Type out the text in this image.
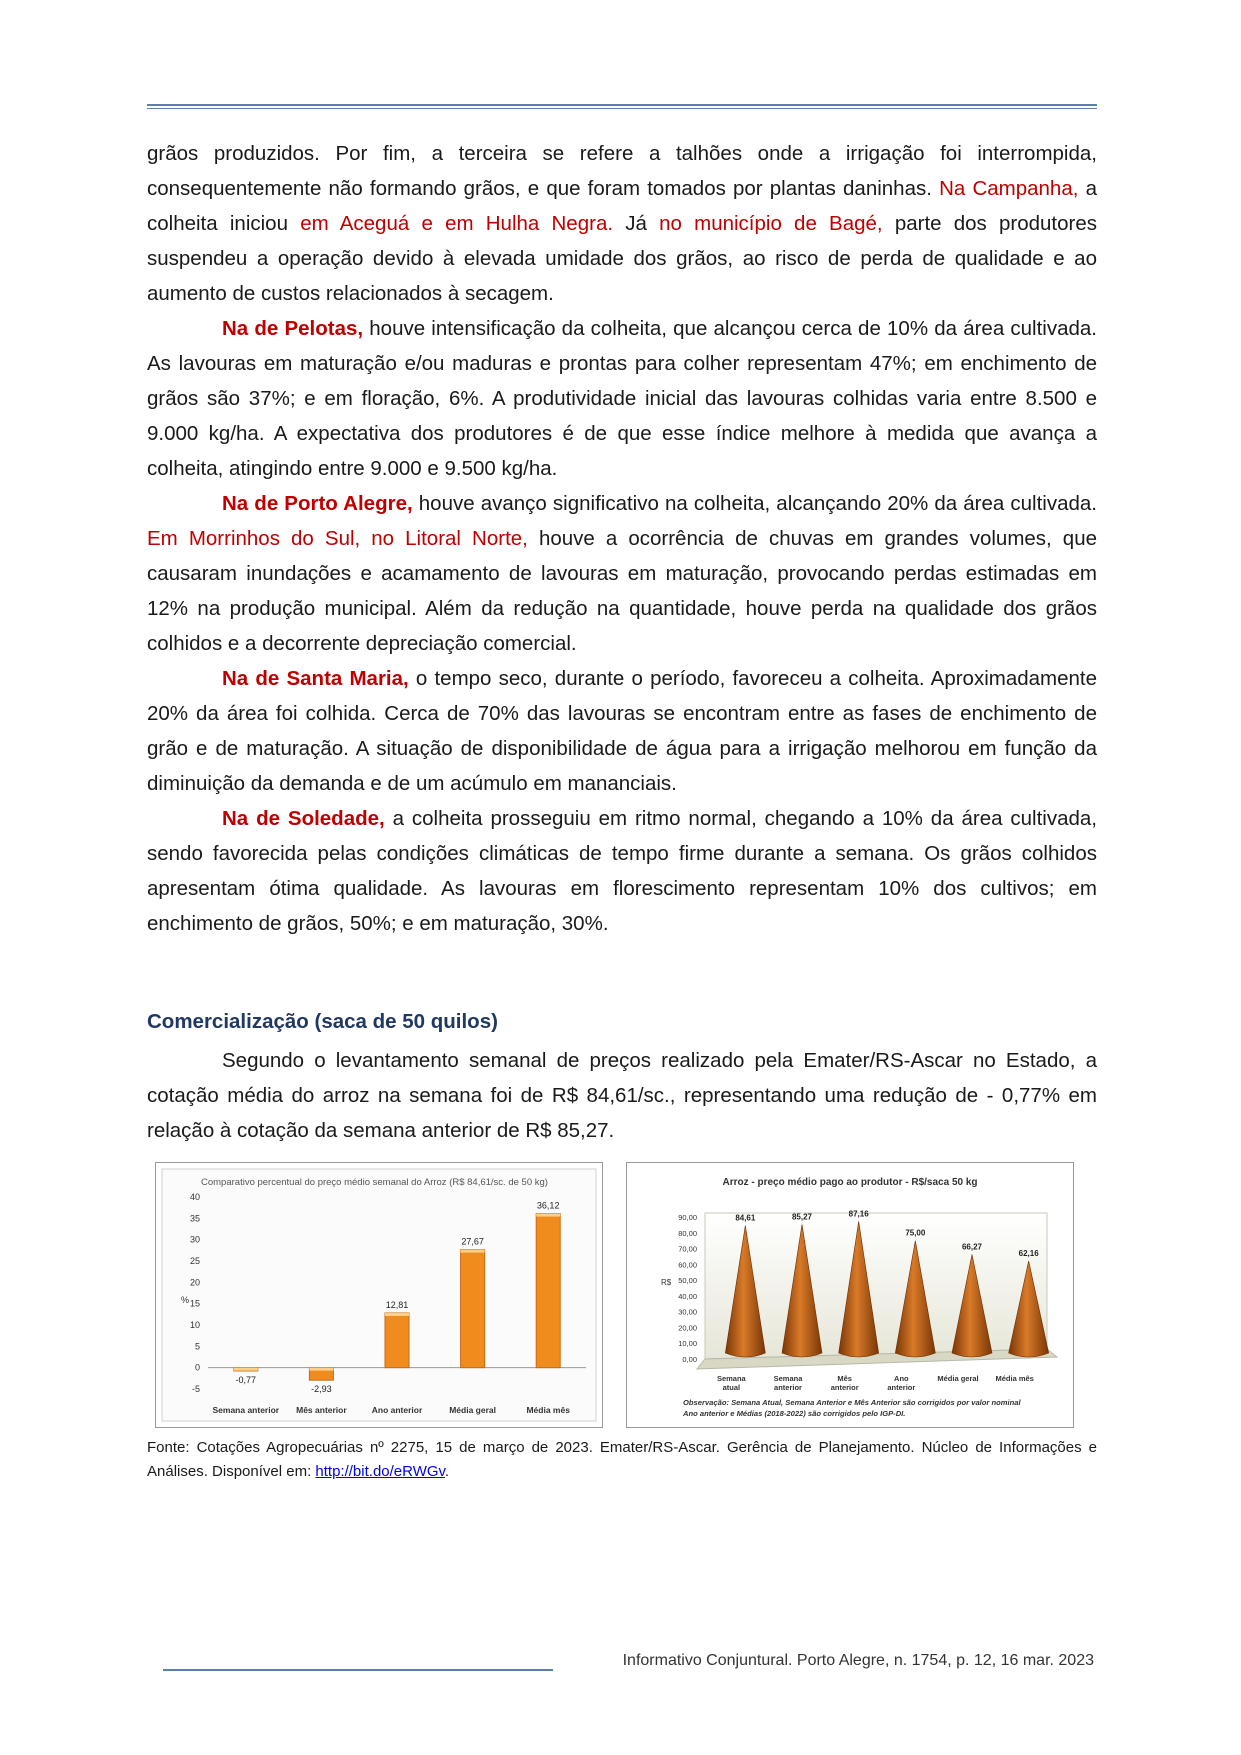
grãos produzidos. Por fim, a terceira se refere a talhões onde a irrigação foi interrompida, consequentemente não formando grãos, e que foram tomados por plantas daninhas. Na Campanha, a colheita iniciou em Aceguá e em Hulha Negra. Já no município de Bagé, parte dos produtores suspendeu a operação devido à elevada umidade dos grãos, ao risco de perda de qualidade e ao aumento de custos relacionados à secagem.

Na de Pelotas, houve intensificação da colheita, que alcançou cerca de 10% da área cultivada. As lavouras em maturação e/ou maduras e prontas para colher representam 47%; em enchimento de grãos são 37%; e em floração, 6%. A produtividade inicial das lavouras colhidas varia entre 8.500 e 9.000 kg/ha. A expectativa dos produtores é de que esse índice melhore à medida que avança a colheita, atingindo entre 9.000 e 9.500 kg/ha.

Na de Porto Alegre, houve avanço significativo na colheita, alcançando 20% da área cultivada. Em Morrinhos do Sul, no Litoral Norte, houve a ocorrência de chuvas em grandes volumes, que causaram inundações e acamamento de lavouras em maturação, provocando perdas estimadas em 12% na produção municipal. Além da redução na quantidade, houve perda na qualidade dos grãos colhidos e a decorrente depreciação comercial.

Na de Santa Maria, o tempo seco, durante o período, favoreceu a colheita. Aproximadamente 20% da área foi colhida. Cerca de 70% das lavouras se encontram entre as fases de enchimento de grão e de maturação. A situação de disponibilidade de água para a irrigação melhorou em função da diminuição da demanda e de um acúmulo em mananciais.

Na de Soledade, a colheita prosseguiu em ritmo normal, chegando a 10% da área cultivada, sendo favorecida pelas condições climáticas de tempo firme durante a semana. Os grãos colhidos apresentam ótima qualidade. As lavouras em florescimento representam 10% dos cultivos; em enchimento de grãos, 50%; e em maturação, 30%.

Comercialização (saca de 50 quilos)

Segundo o levantamento semanal de preços realizado pela Emater/RS-Ascar no Estado, a cotação média do arroz na semana foi de R$ 84,61/sc., representando uma redução de - 0,77% em relação à cotação da semana anterior de R$ 85,27.

Comparativo percentual do preço médio semanal do Arroz (R$ 84,61/sc. de 50 kg)
%
40
35
30
25
20
15
10
5
0
-5
-0,77
Semana anterior
-2,93
Mês anterior
12,81
Ano anterior
27,67
Média geral
36,12
Média mês
Arroz - preço médio pago ao produtor - R$/saca 50 kg
R$
90,00
80,00
70,00
60,00
50,00
40,00
30,00
20,00
10,00
0,00
84,61
Semana atual
85,27
Semana anterior
87,16
Mês anterior
75,00
Ano anterior
66,27
Média geral
62,16
Média mês
Observação: Semana Atual, Semana Anterior e Mês Anterior são corrigidos por valor nominal
Ano anterior e Médias (2018-2022) são corrigidos pelo IGP-DI.
Fonte: Cotações Agropecuárias nº 2275, 15 de março de 2023. Emater/RS-Ascar. Gerência de Planejamento. Núcleo de Informações e Análises. Disponível em: http://bit.do/eRWGv.
Informativo Conjuntural. Porto Alegre, n. 1754, p. 12, 16 mar. 2023
